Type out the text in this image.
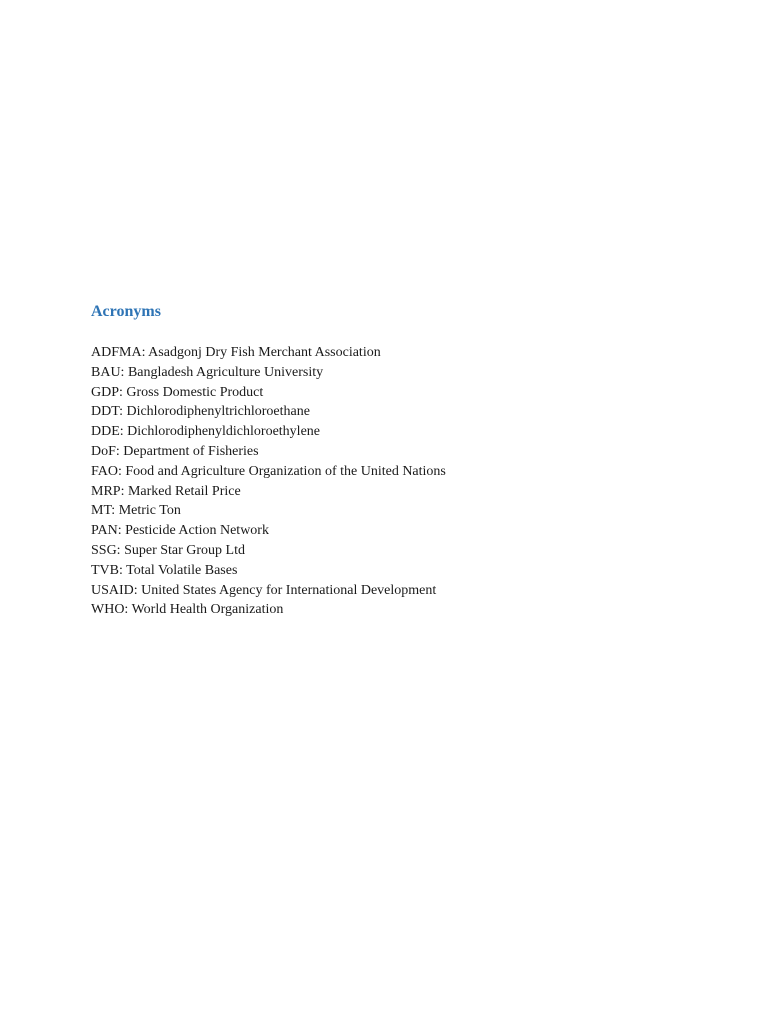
Acronyms
ADFMA: Asadgonj Dry Fish Merchant Association
BAU: Bangladesh Agriculture University
GDP: Gross Domestic Product
DDT: Dichlorodiphenyltrichloroethane
DDE: Dichlorodiphenyldichloroethylene
DoF: Department of Fisheries
FAO: Food and Agriculture Organization of the United Nations
MRP: Marked Retail Price
MT: Metric Ton
PAN: Pesticide Action Network
SSG: Super Star Group Ltd
TVB: Total Volatile Bases
USAID: United States Agency for International Development
WHO: World Health Organization
